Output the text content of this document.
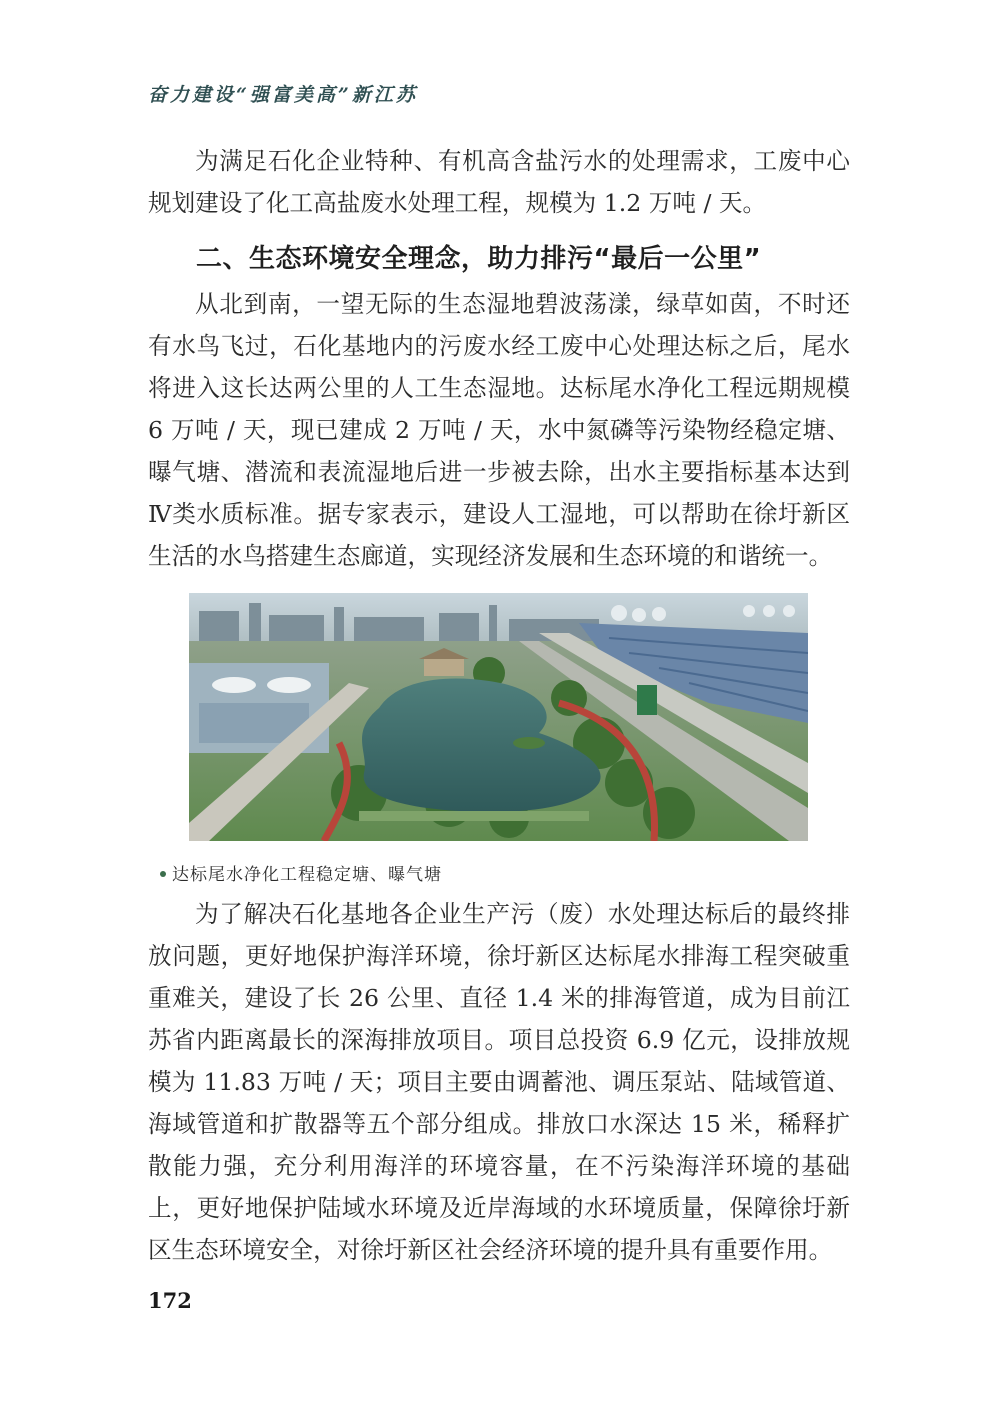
奋力建设“强富美高”新江苏

为满足石化企业特种、有机高含盐污水的处理需求，工废中心规划建设了化工高盐废水处理工程，规模为 1.2 万吨 / 天。

二、生态环境安全理念，助力排污“最后一公里”

从北到南，一望无际的生态湿地碧波荡漾，绿草如茵，不时还有水鸟飞过，石化基地内的污废水经工废中心处理达标之后，尾水将进入这长达两公里的人工生态湿地。达标尾水净化工程远期规模 6 万吨 / 天，现已建成 2 万吨 / 天，水中氮磷等污染物经稳定塘、曝气塘、潜流和表流湿地后进一步被去除，出水主要指标基本达到Ⅳ类水质标准。据专家表示，建设人工湿地，可以帮助在徐圩新区生活的水鸟搭建生态廊道，实现经济发展和生态环境的和谐统一。

达标尾水净化工程稳定塘、曝气塘

为了解决石化基地各企业生产污（废）水处理达标后的最终排放问题，更好地保护海洋环境，徐圩新区达标尾水排海工程突破重重难关，建设了长 26 公里、直径 1.4 米的排海管道，成为目前江苏省内距离最长的深海排放项目。项目总投资 6.9 亿元，设排放规模为 11.83 万吨 / 天；项目主要由调蓄池、调压泵站、陆域管道、海域管道和扩散器等五个部分组成。排放口水深达 15 米，稀释扩散能力强，充分利用海洋的环境容量，在不污染海洋环境的基础上，更好地保护陆域水环境及近岸海域的水环境质量，保障徐圩新区生态环境安全，对徐圩新区社会经济环境的提升具有重要作用。

172
